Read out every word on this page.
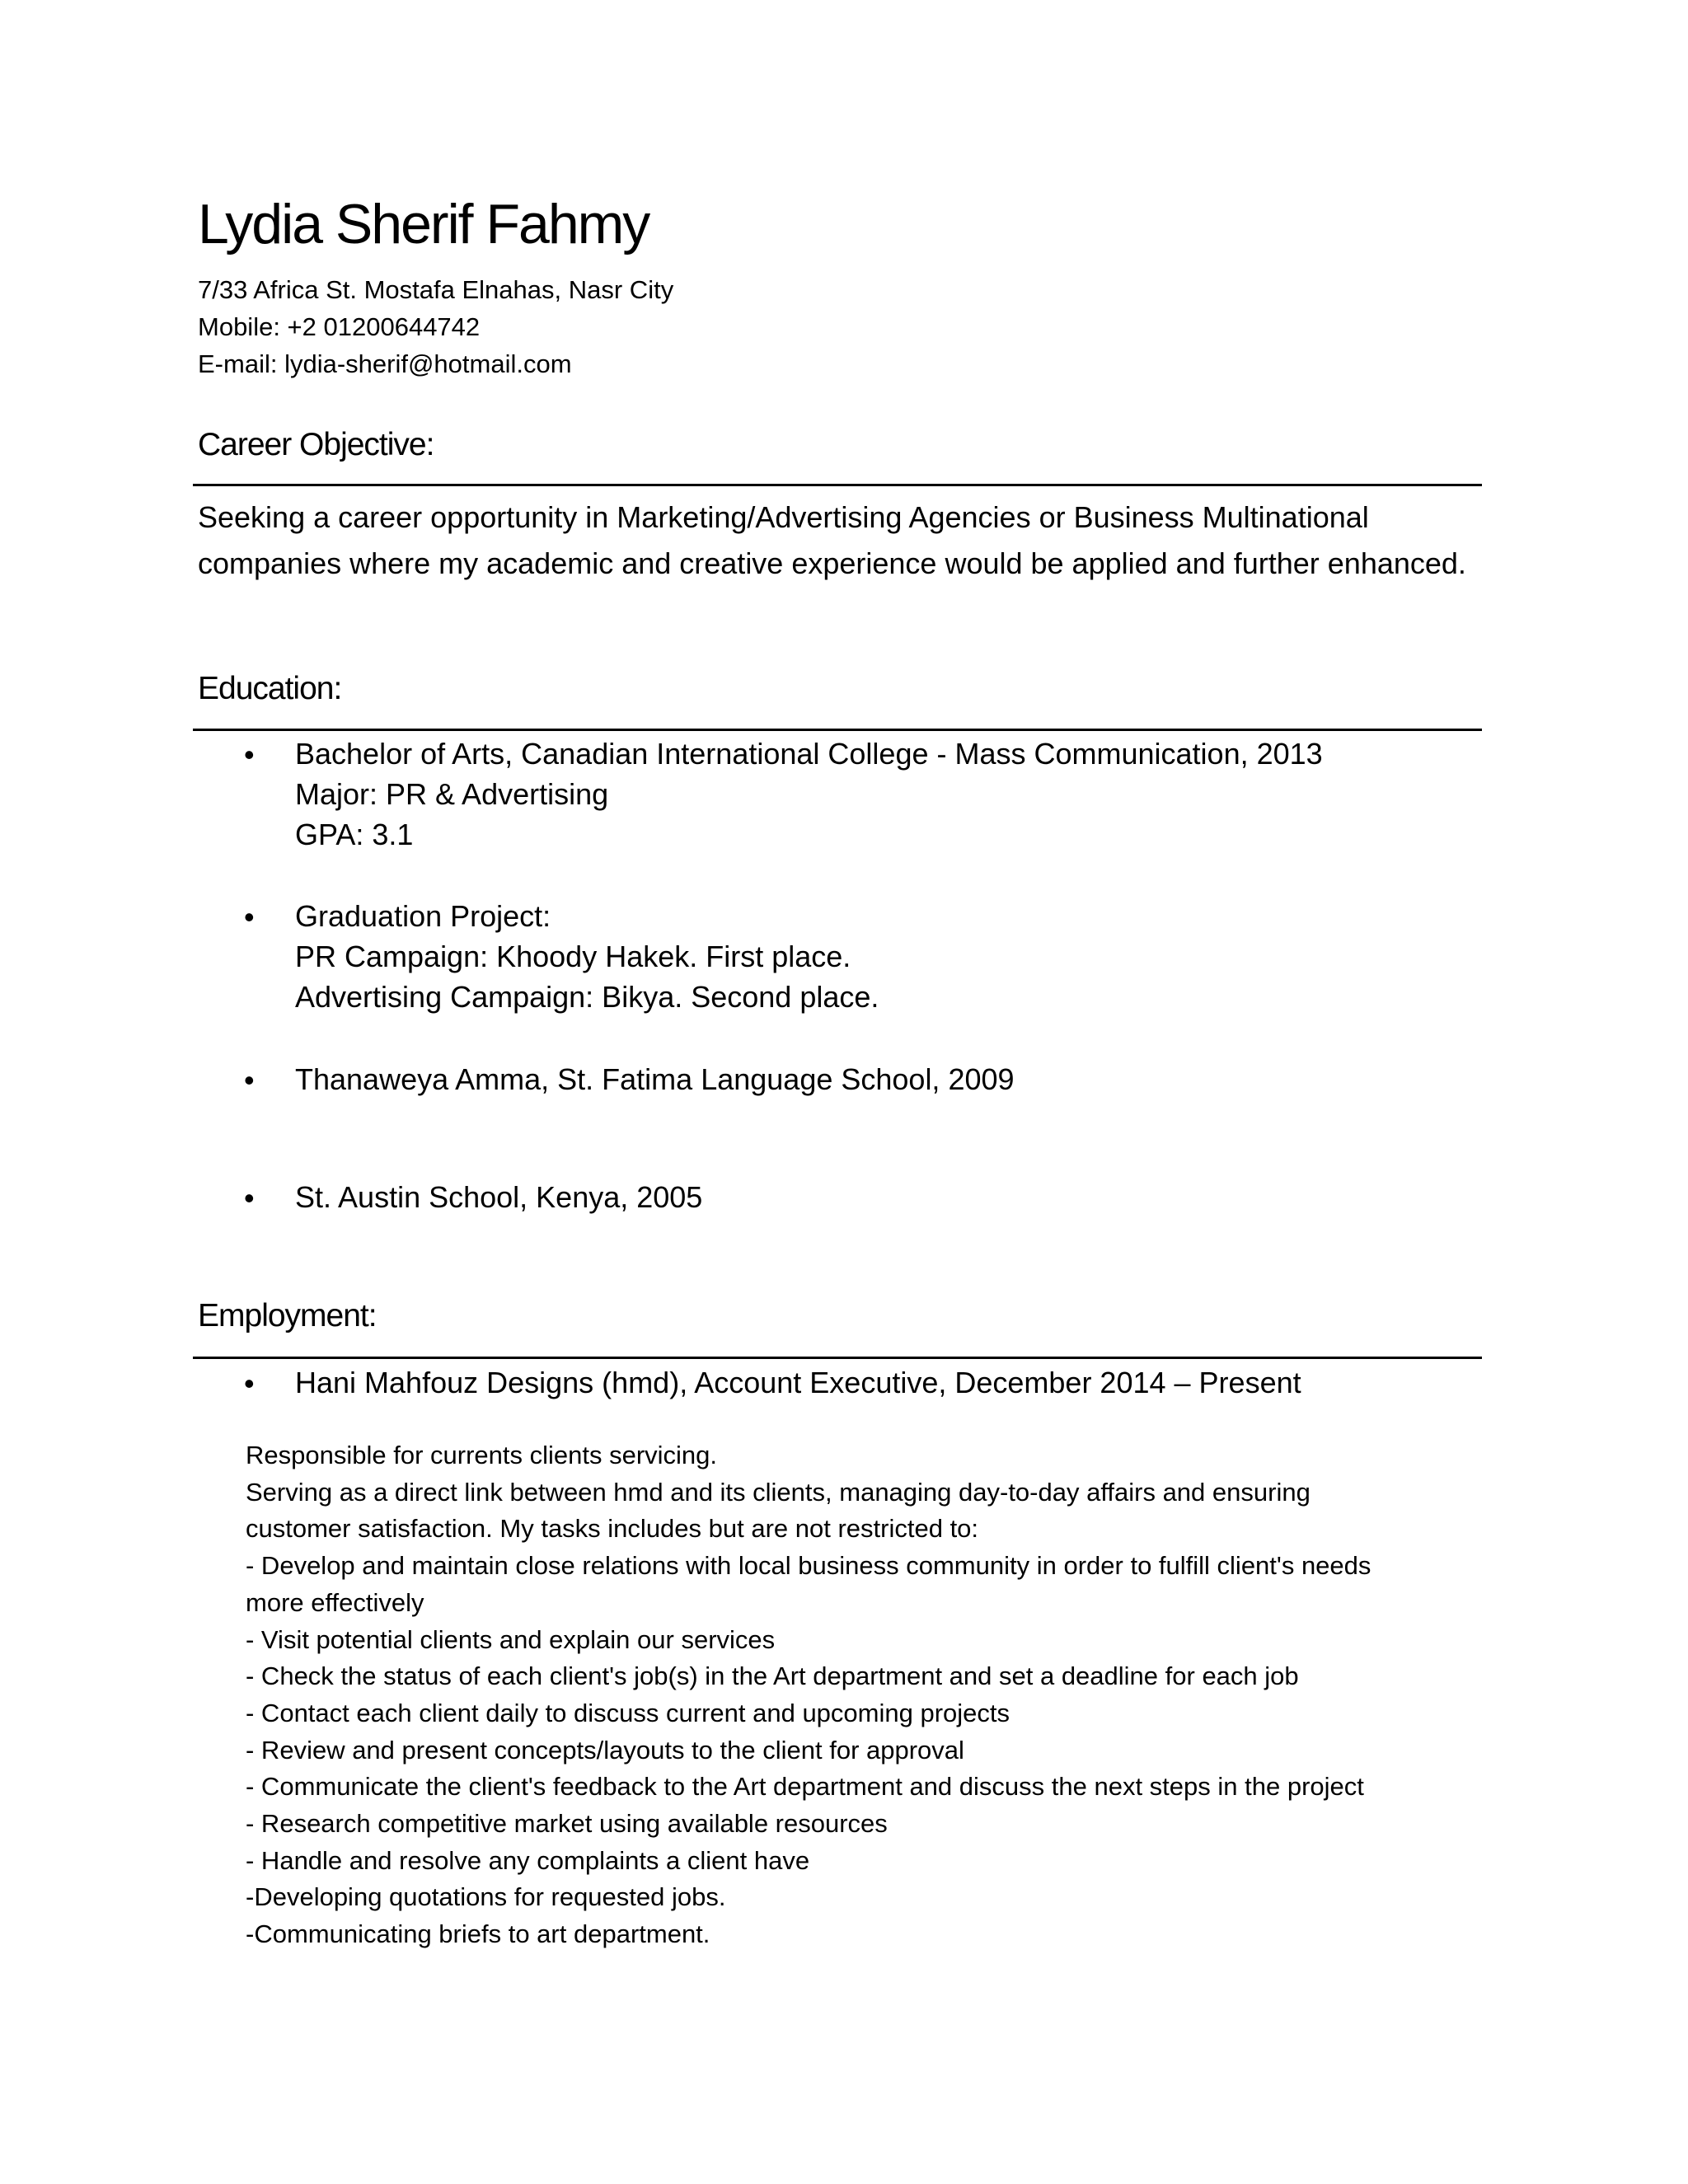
Lydia Sherif Fahmy

7/33 Africa St. Mostafa Elnahas, Nasr City

Mobile: +2 01200644742

E-mail: lydia-sherif@hotmail.com

Career Objective:

Seeking a career opportunity in Marketing/Advertising Agencies or Business Multinational companies where my academic and creative experience would be applied and further enhanced.

Education:
• Bachelor of Arts, Canadian International College - Mass Communication, 2013
Major: PR & Advertising
GPA: 3.1
• Graduation Project:
PR Campaign: Khoody Hakek. First place.
Advertising Campaign: Bikya. Second place.
• Thanaweya Amma, St. Fatima Language School, 2009
• St. Austin School, Kenya, 2005
Employment:
• Hani Mahfouz Designs (hmd), Account Executive, December 2014 – Present
Responsible for currents clients servicing.
Serving as a direct link between hmd and its clients, managing day-to-day affairs and ensuring
customer satisfaction. My tasks includes but are not restricted to:
- Develop and maintain close relations with local business community in order to fulfill client's needs
more effectively
- Visit potential clients and explain our services
- Check the status of each client's job(s) in the Art department and set a deadline for each job
- Contact each client daily to discuss current and upcoming projects
- Review and present concepts/layouts to the client for approval
- Communicate the client's feedback to the Art department and discuss the next steps in the project
- Research competitive market using available resources
- Handle and resolve any complaints a client have
-Developing quotations for requested jobs.
-Communicating briefs to art department.
